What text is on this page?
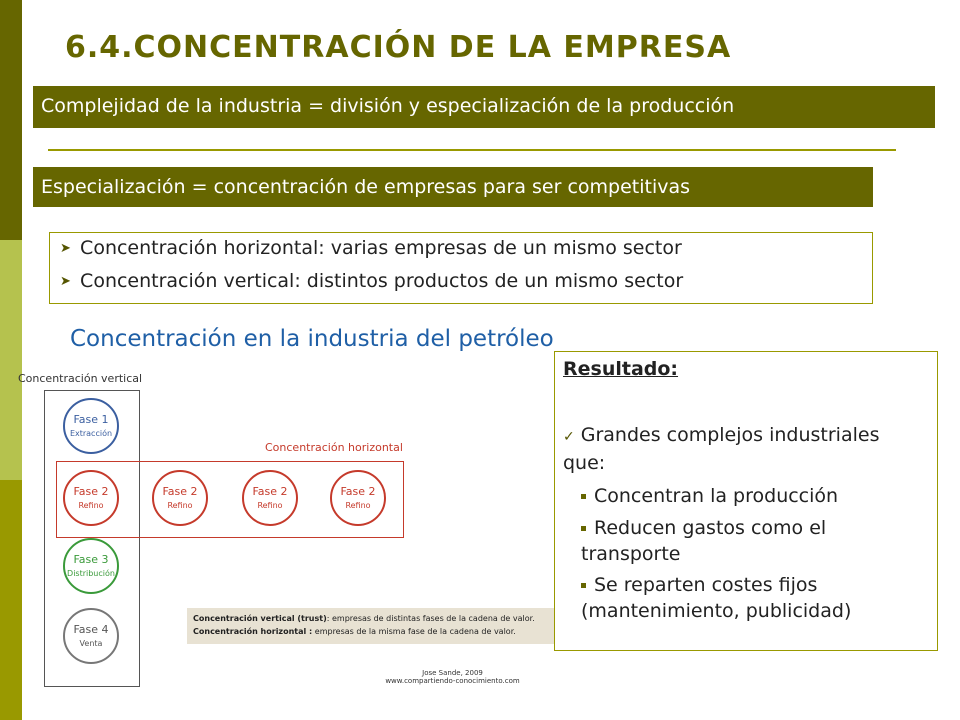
6.4.CONCENTRACIÓN DE LA EMPRESA
Complejidad de la industria = división y especialización de la producción
Especialización = concentración de empresas para ser competitivas
➤ Concentración horizontal: varias empresas de un mismo sector
➤ Concentración vertical: distintos productos de un mismo sector
Concentración en la industria del petróleo
Concentración vertical
Concentración horizontal
Fase 1
Extracción
Fase 2
Refino
Fase 3
Distribución
Fase 4
Venta
Fase 2
Refino
Fase 2
Refino
Fase 2
Refino
Concentración vertical (trust): empresas de distintas fases de la cadena de valor.
Concentración horizontal : empresas de la misma fase de la cadena de valor.
Jose Sande, 2009
www.compartiendo-conocimiento.com
Resultado:
✓ Grandes complejos industriales que:
Concentran la producción
Reducen gastos como el transporte
Se reparten costes fijos (mantenimiento, publicidad)
